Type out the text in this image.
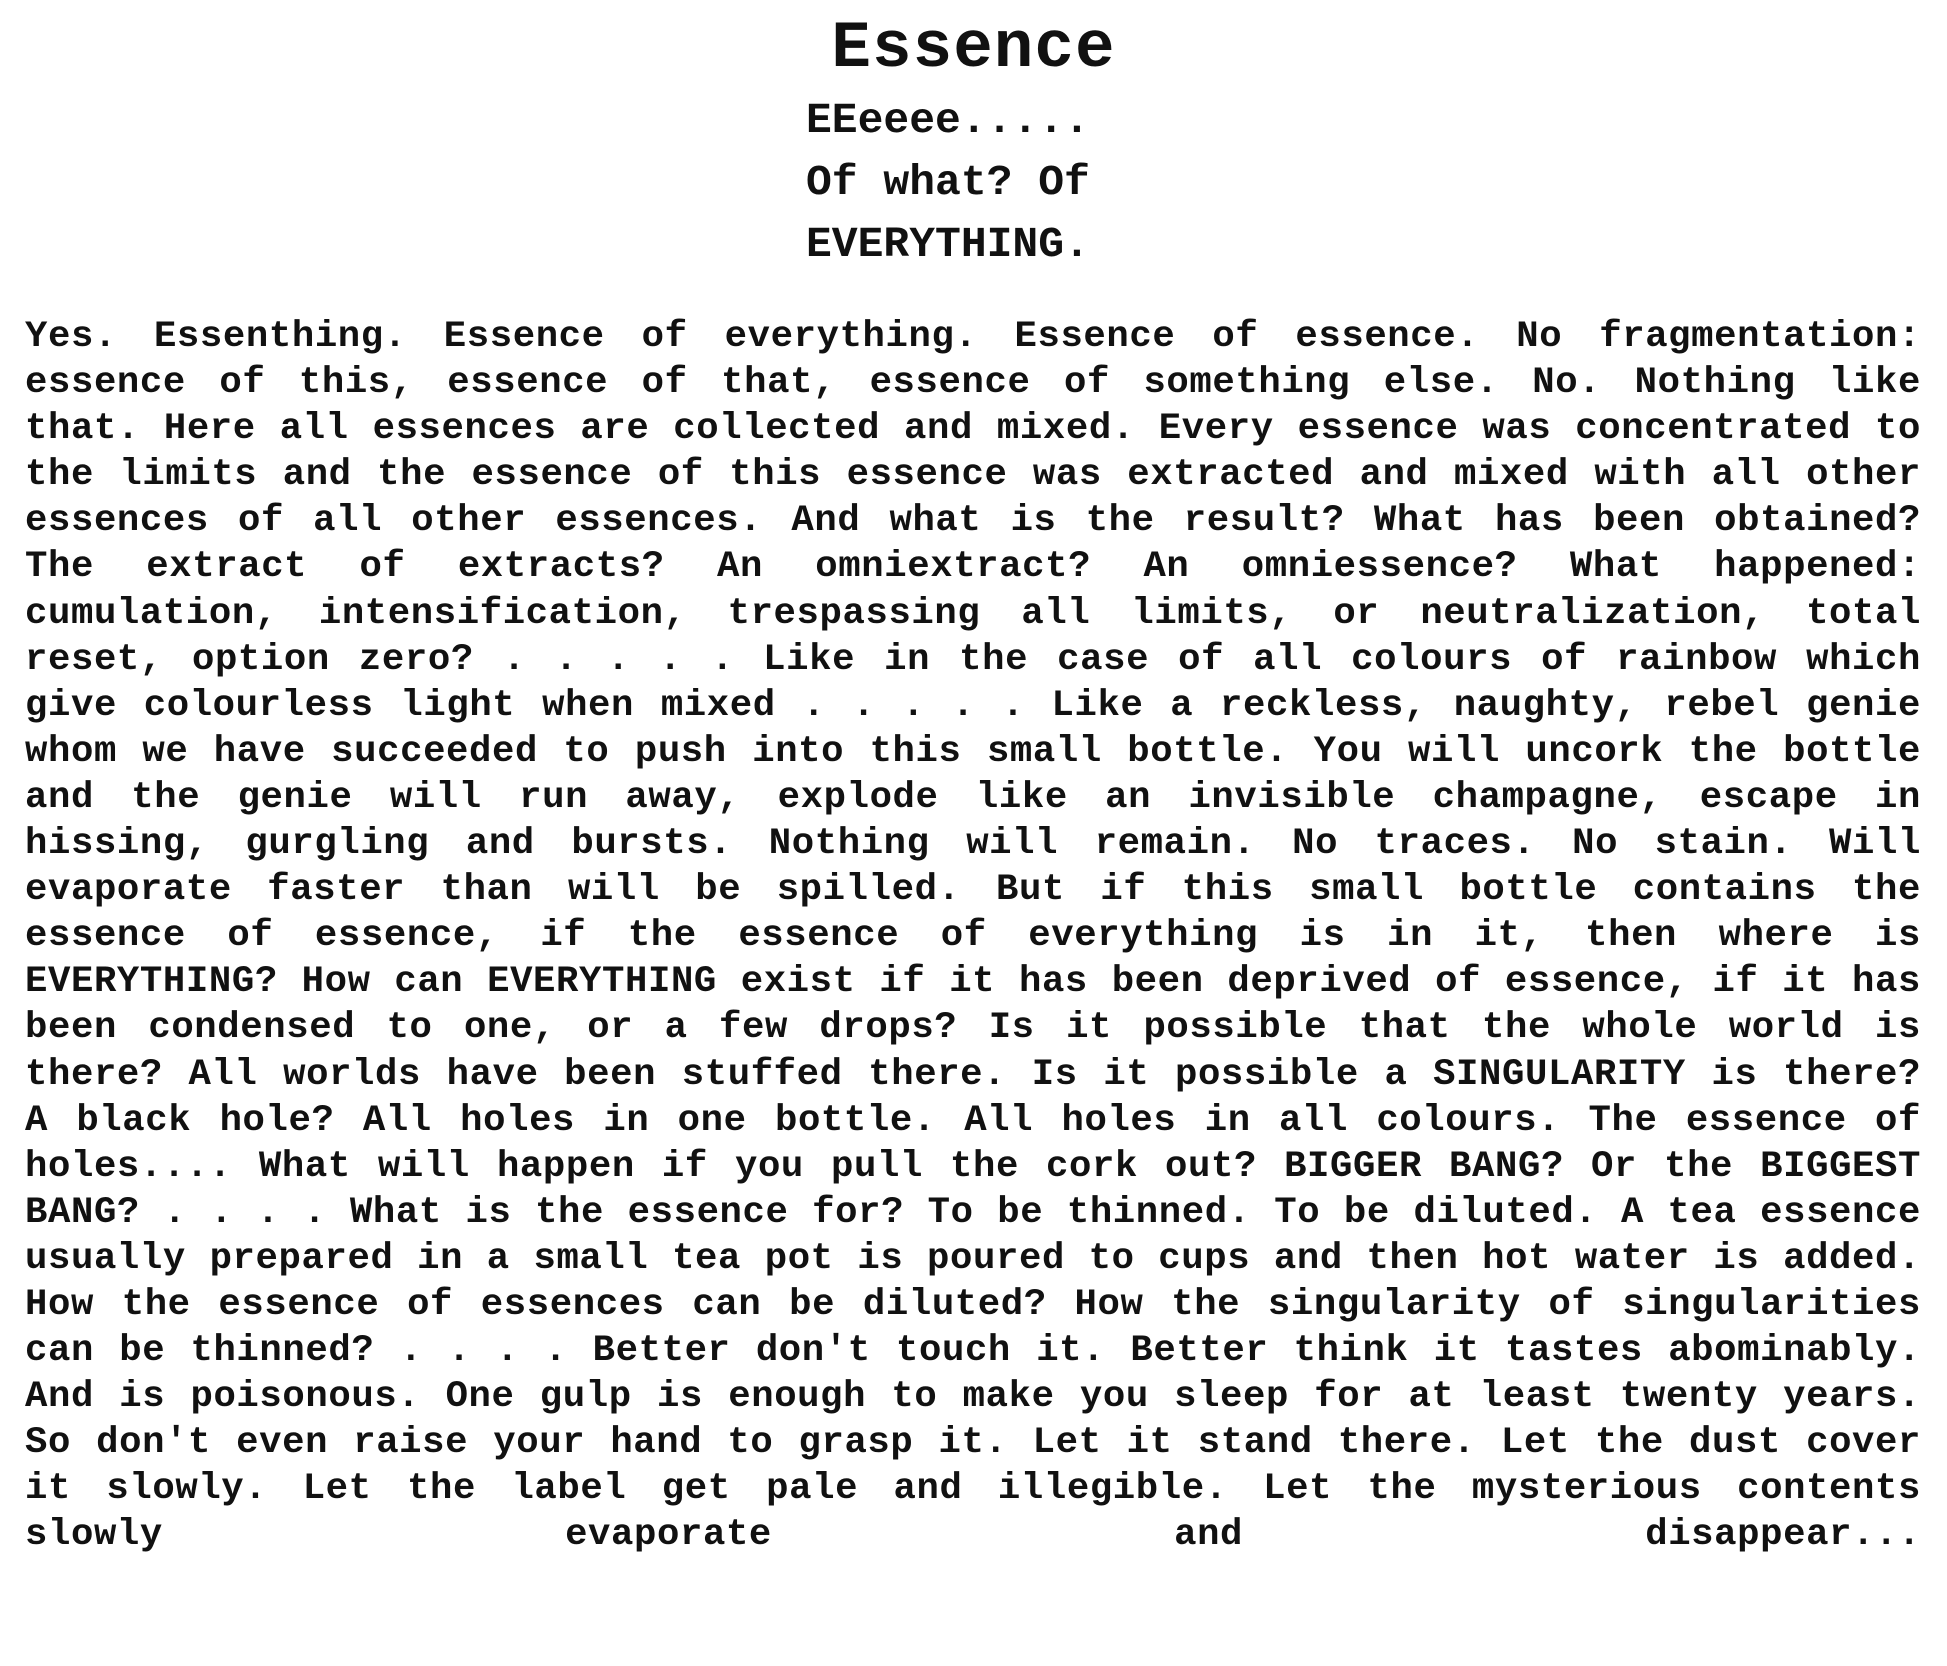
Essence
EEeeee.....
Of what? Of
EVERYTHING.

Yes. Essenthing. Essence of everything. Essence of essence. No fragmentation: essence of this, essence of that, essence of something else. No. Nothing like that. Here all essences are collected and mixed. Every essence was concentrated to the limits and the essence of this essence was extracted and mixed with all other essences of all other essences. And what is the result? What has been obtained? The extract of extracts? An omniextract? An omniessence? What happened: cumulation, intensification, trespassing all limits, or neutralization, total reset, option zero? . . . . . Like in the case of all colours of rainbow which give colourless light when mixed . . . . . Like a reckless, naughty, rebel genie whom we have succeeded to push into this small bottle. You will uncork the bottle and the genie will run away, explode like an invisible champagne, escape in hissing, gurgling and bursts. Nothing will remain. No traces. No stain. Will evaporate faster than will be spilled. But if this small bottle contains the essence of essence, if the essence of everything is in it, then where is EVERYTHING? How can EVERYTHING exist if it has been deprived of essence, if it has been condensed to one, or a few drops? Is it possible that the whole world is there? All worlds have been stuffed there. Is it possible a SINGULARITY is there? A black hole? All holes in one bottle. All holes in all colours. The essence of holes.... What will happen if you pull the cork out? BIGGER BANG? Or the BIGGEST BANG? . . . . What is the essence for? To be thinned. To be diluted. A tea essence usually prepared in a small tea pot is poured to cups and then hot water is added. How the essence of essences can be diluted? How the singularity of singularities can be thinned? . . . . Better don't touch it. Better think it tastes abominably. And is poisonous. One gulp is enough to make you sleep for at least twenty years. So don't even raise your hand to grasp it. Let it stand there. Let the dust cover it slowly. Let the label get pale and illegible. Let the mysterious contents slowly evaporate and disappear...
